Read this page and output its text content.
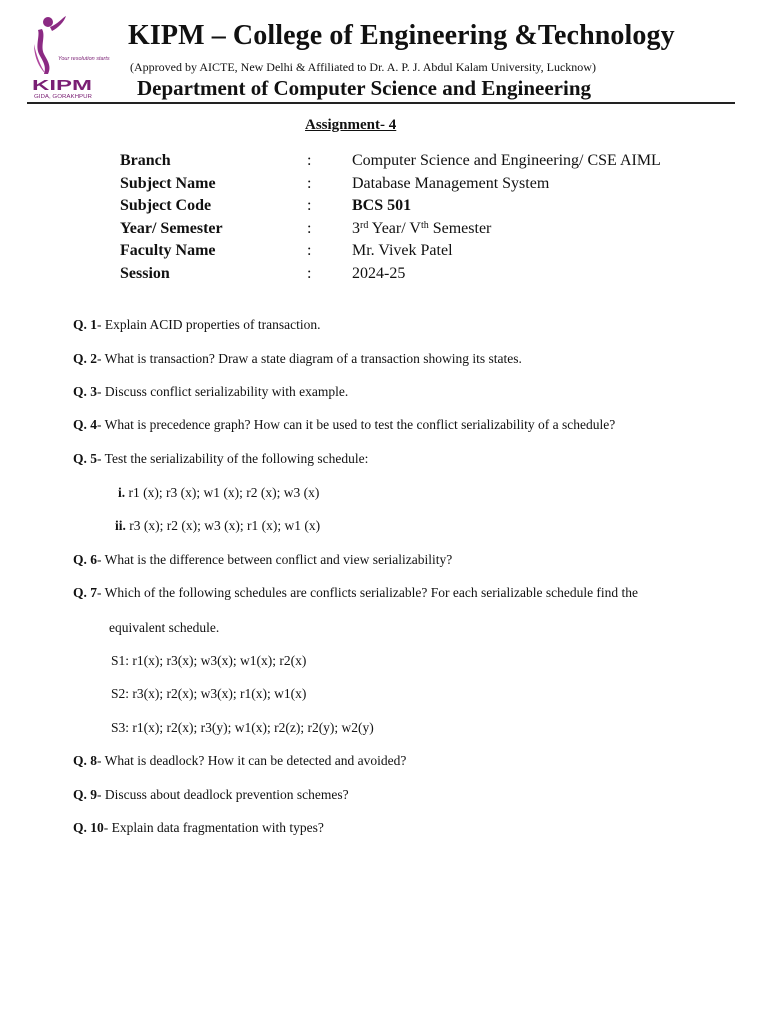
Your resolution starts
KIPM
GIDA, GORAKHPUR
KIPM – College of Engineering &Technology
(Approved by AICTE, New Delhi & Affiliated to Dr. A. P. J. Abdul Kalam University, Lucknow)
Department of Computer Science and Engineering
Assignment- 4
Branch	:	Computer Science and Engineering/ CSE AIML
Subject Name	:	Database Management System
Subject Code	:	BCS 501
Year/ Semester	:	3rd Year/ Vth Semester
Faculty Name	:	Mr. Vivek Patel
Session	:	2024-25
Q. 1- Explain ACID properties of transaction.
Q. 2- What is transaction? Draw a state diagram of a transaction showing its states.
Q. 3- Discuss conflict serializability with example.
Q. 4- What is precedence graph? How can it be used to test the conflict serializability of a schedule?
Q. 5- Test the serializability of the following schedule:
i. r1 (x); r3 (x); w1 (x); r2 (x); w3 (x)
ii. r3 (x); r2 (x); w3 (x); r1 (x); w1 (x)
Q. 6- What is the difference between conflict and view serializability?
Q. 7- Which of the following schedules are conflicts serializable? For each serializable schedule find the
equivalent schedule.
S1: r1(x); r3(x); w3(x); w1(x); r2(x)
S2: r3(x); r2(x); w3(x); r1(x); w1(x)
S3: r1(x); r2(x); r3(y); w1(x); r2(z); r2(y); w2(y)
Q. 8- What is deadlock? How it can be detected and avoided?
Q. 9- Discuss about deadlock prevention schemes?
Q. 10- Explain data fragmentation with types?
